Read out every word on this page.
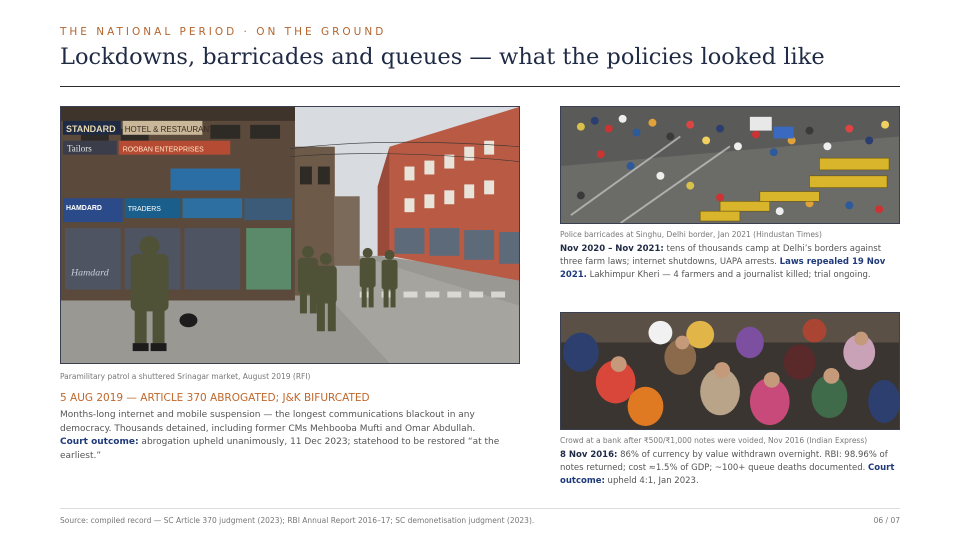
THE NATIONAL PERIOD · ON THE GROUND
Lockdowns, barricades and queues — what the policies looked like
STANDARD HOTEL & RESTAURANT
Tailors	ROOBAN ENTERPRISES
HAMDARD	TRADERS
Hamdard
Paramilitary patrol a shuttered Srinagar market, August 2019 (RFI)
5 AUG 2019 — ARTICLE 370 ABROGATED; J&K BIFURCATED
Months-long internet and mobile suspension — the longest communications blackout in any democracy. Thousands detained, including former CMs Mehbooba Mufti and Omar Abdullah. Court outcome: abrogation upheld unanimously, 11 Dec 2023; statehood to be restored “at the earliest.”
Police barricades at Singhu, Delhi border, Jan 2021 (Hindustan Times)
Nov 2020 – Nov 2021: tens of thousands camp at Delhi’s borders against three farm laws; internet shutdowns, UAPA arrests. Laws repealed 19 Nov 2021. Lakhimpur Kheri — 4 farmers and a journalist killed; trial ongoing.
Crowd at a bank after ₹500/₹1,000 notes were voided, Nov 2016 (Indian Express)
8 Nov 2016: 86% of currency by value withdrawn overnight. RBI: 98.96% of notes returned; cost ≈1.5% of GDP; ~100+ queue deaths documented. Court outcome: upheld 4:1, Jan 2023.
Source: compiled record — SC Article 370 judgment (2023); RBI Annual Report 2016–17; SC demonetisation judgment (2023).	06 / 07
